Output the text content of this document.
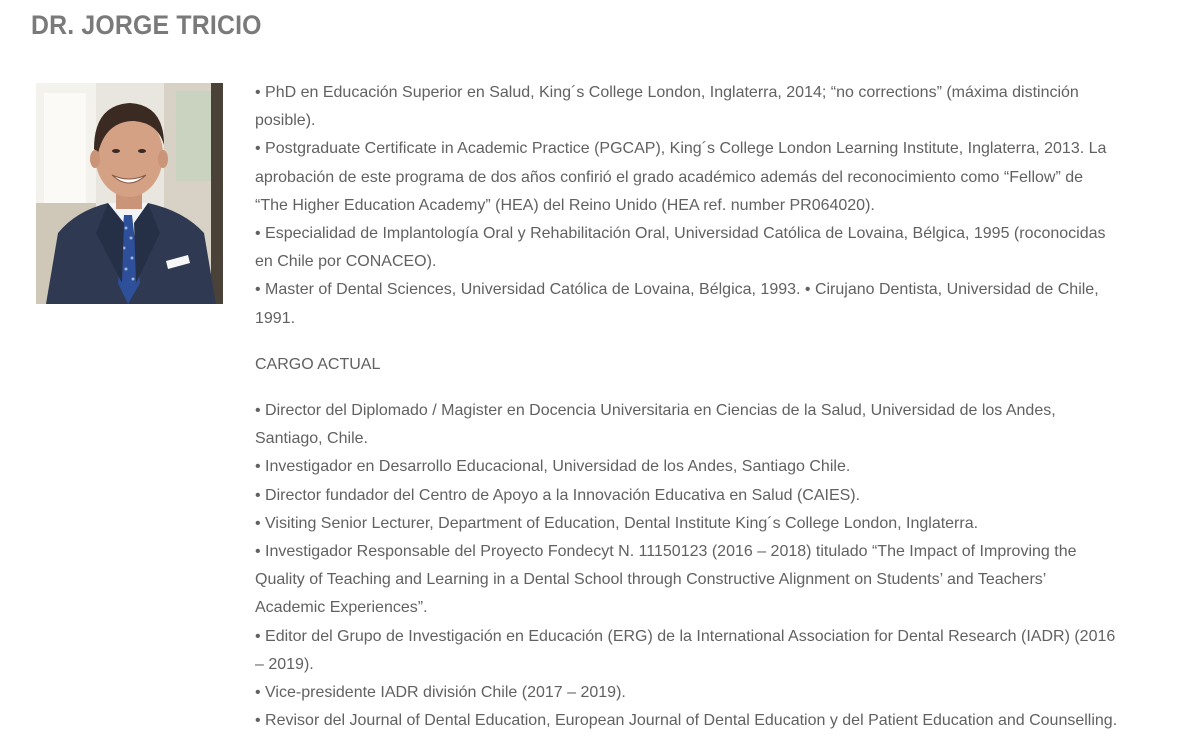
DR. JORGE TRICIO

• PhD en Educación Superior en Salud, King´s College London, Inglaterra, 2014; “no corrections” (máxima distinción
posible).
• Postgraduate Certificate in Academic Practice (PGCAP), King´s College London Learning Institute, Inglaterra, 2013. La
aprobación de este programa de dos años confirió el grado académico además del reconocimiento como “Fellow” de
“The Higher Education Academy” (HEA) del Reino Unido (HEA ref. number PR064020).
• Especialidad de Implantología Oral y Rehabilitación Oral, Universidad Católica de Lovaina, Bélgica, 1995 (roconocidas
en Chile por CONACEO).
• Master of Dental Sciences, Universidad Católica de Lovaina, Bélgica, 1993. • Cirujano Dentista, Universidad de Chile,
1991.

CARGO ACTUAL

• Director del Diplomado / Magister en Docencia Universitaria en Ciencias de la Salud, Universidad de los Andes,
Santiago, Chile.
• Investigador en Desarrollo Educacional, Universidad de los Andes, Santiago Chile.
• Director fundador del Centro de Apoyo a la Innovación Educativa en Salud (CAIES).
• Visiting Senior Lecturer, Department of Education, Dental Institute King´s College London, Inglaterra.
• Investigador Responsable del Proyecto Fondecyt N. 11150123 (2016 – 2018) titulado “The Impact of Improving the
Quality of Teaching and Learning in a Dental School through Constructive Alignment on Students’ and Teachers’
Academic Experiences”.
• Editor del Grupo de Investigación en Educación (ERG) de la International Association for Dental Research (IADR) (2016
– 2019).
• Vice-presidente IADR división Chile (2017 – 2019).
• Revisor del Journal of Dental Education, European Journal of Dental Education y del Patient Education and Counselling.
